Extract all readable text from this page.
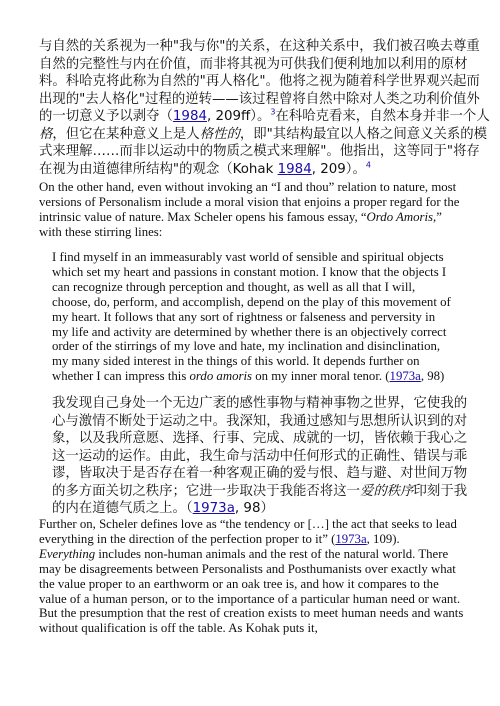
与自然的关系视为一种"我与你"的关系，在这种关系中，我们被召唤去尊重
自然的完整性与内在价值，而非将其视为可供我们便利地加以利用的原材
料。科哈克将此称为自然的"再人格化"。他将之视为随着科学世界观兴起而
出现的"去人格化"过程的逆转——该过程曾将自然中除对人类之功利价值外
的一切意义予以剥夺（1984, 209ff）。$^3$在科哈克看来，自然本身并非一个人
格，但它在某种意义上是人格性的，即"其结构最宜以人格之间意义关系的模
式来理解……而非以运动中的物质之模式来理解"。他指出，这等同于"将存
在视为由道德律所结构"的观念（Kohak 1984, 209）。$^4$
On the other hand, even without invoking an “I and thou” relation to nature, most
versions of Personalism include a moral vision that enjoins a proper regard for the
intrinsic value of nature. Max Scheler opens his famous essay, “Ordo Amoris,”
with these stirring lines:
I find myself in an immeasurably vast world of sensible and spiritual objects
which set my heart and passions in constant motion. I know that the objects I
can recognize through perception and thought, as well as all that I will,
choose, do, perform, and accomplish, depend on the play of this movement of
my heart. It follows that any sort of rightness or falseness and perversity in
my life and activity are determined by whether there is an objectively correct
order of the stirrings of my love and hate, my inclination and disinclination,
my many sided interest in the things of this world. It depends further on
whether I can impress this ordo amoris on my inner moral tenor. (1973a, 98)
我发现自己身处一个无边广袤的感性事物与精神事物之世界，它使我的
心与激情不断处于运动之中。我深知，我通过感知与思想所认识到的对
象，以及我所意愿、选择、行事、完成、成就的一切，皆依赖于我心之
这一运动的运作。由此，我生命与活动中任何形式的正确性、错误与乖
谬，皆取决于是否存在着一种客观正确的爱与恨、趋与避、对世间万物
的多方面关切之秩序；它进一步取决于我能否将这一爱的秩序印刻于我
的内在道德气质之上。（1973a, 98）
Further on, Scheler defines love as “the tendency or […] the act that seeks to lead
everything in the direction of the perfection proper to it” (1973a, 109).
Everything includes non-human animals and the rest of the natural world. There
may be disagreements between Personalists and Posthumanists over exactly what
the value proper to an earthworm or an oak tree is, and how it compares to the
value of a human person, or to the importance of a particular human need or want.
But the presumption that the rest of creation exists to meet human needs and wants
without qualification is off the table. As Kohak puts it,
